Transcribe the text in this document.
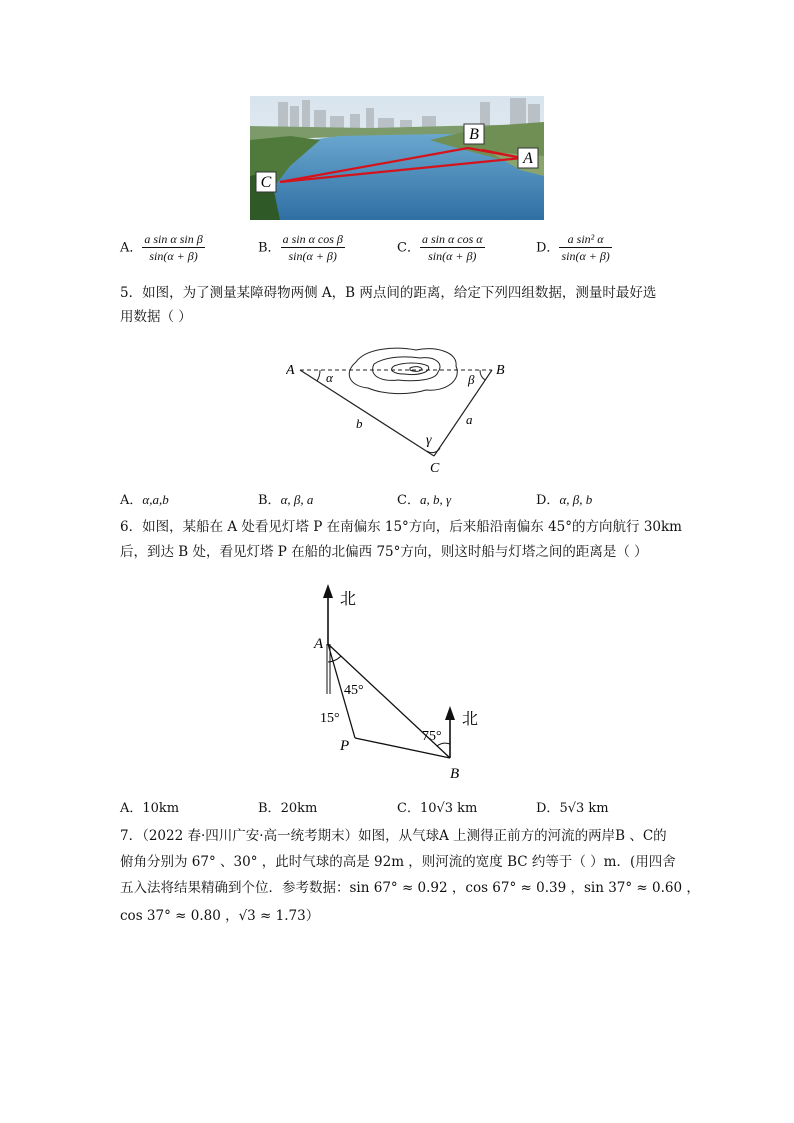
B
A
C
A． $\frac{\text{a sin α sin β}}{\sin(\alpha + \beta)}$	B． $\frac{\text{a sin α cos β}}{\sin(\alpha + \beta)}$	C． $\frac{\text{a sin α cos α}}{\sin(\alpha + \beta)}$	D． $\frac{\text{a sin² α}}{\sin(\alpha + \beta)}$
5．如图，为了测量某障碍物两侧 A，B 两点间的距离，给定下列四组数据，测量时最好选
用数据（ ）
A	B
C
α	β
γ
b	a
A．α,a,b	B．α, β, a	C．a, b, γ	D．α, β, b
6．如图，某船在 A 处看见灯塔 P 在南偏东 15°方向，后来船沿南偏东 45°的方向航行 30km
后，到达 B 处，看见灯塔 P 在船的北偏西 75°方向，则这时船与灯塔之间的距离是（ ）
北
北
A
B
P
45°
15°
75°
A．10km	B．20km	C．10√3 km	D．5√3 km
7．（2022 春·四川广安·高一统考期末）如图，从气球A 上测得正前方的河流的两岸B 、C的
俯角分别为 67° 、30° ，此时气球的高是 92m ，则河流的宽度 BC 约等于（ ）m．(用四舍
五入法将结果精确到个位．参考数据：sin 67° ≈ 0.92 ，cos 67° ≈ 0.39 ，sin 37° ≈ 0.60 ，
cos 37° ≈ 0.80 ，√3 ≈ 1.73）
